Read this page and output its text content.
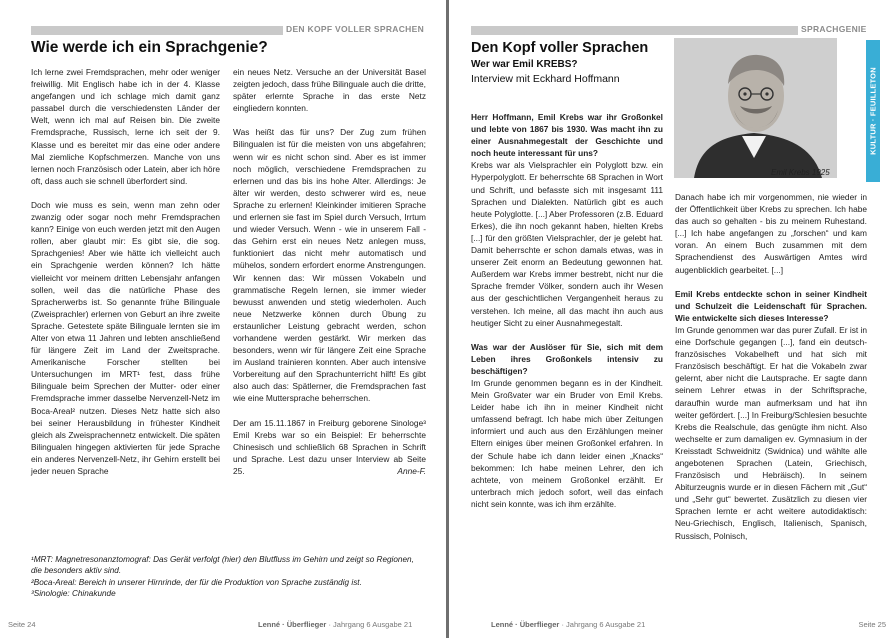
DEN KOPF VOLLER SPRACHEN
Wie werde ich ein Sprachgenie?

Ich lerne zwei Fremdsprachen, mehr oder weniger freiwillig. Mit Englisch habe ich in der 4. Klasse angefangen und ich schlage mich damit ganz passabel durch die verschiedensten Länder der Welt, wenn ich mal auf Reisen bin. Die zweite Fremdsprache, Russisch, lerne ich seit der 9. Klasse und es bereitet mir das eine oder andere Mal ziemliche Kopfschmerzen. Manche von uns lernen noch Französisch oder Latein, aber ich höre oft, dass auch sie schnell überfordert sind.

Doch wie muss es sein, wenn man zehn oder zwanzig oder sogar noch mehr Fremdsprachen kann? Einige von euch werden jetzt mit den Augen rollen, aber glaubt mir: Es gibt sie, die sog. Sprachgenies! Aber wie hätte ich vielleicht auch ein Sprachgenie werden können? Ich hätte vielleicht vor meinem dritten Lebensjahr anfangen sollen, weil das die natürliche Phase des Spracherwerbs ist. So genannte frühe Bilinguale (Zweisprachler) erlernen von Geburt an ihre zweite Sprache. Getestete späte Bilinguale lernten sie im Alter von etwa 11 Jahren und lebten anschließend für längere Zeit im Land der Zweitsprache. Amerikanische Forscher stellten bei Untersuchungen im MRT¹ fest, dass frühe Bilinguale beim Sprechen der Mutter- oder einer Fremdsprache immer dasselbe Nervenzell-Netz im Boca-Areal² nutzen. Dieses Netz hatte sich also bei seiner Herausbildung in frühester Kindheit gleich als Zweisprachennetz entwickelt. Die späten Bilingualen hingegen aktivierten für jede Sprache ein anderes Nervenzell-Netz, ihr Gehirn erstellt bei jeder neuen Sprache

ein neues Netz. Versuche an der Universität Basel zeigten jedoch, dass frühe Bilinguale auch die dritte, später erlernte Sprache in das erste Netz eingliedern konnten.

Was heißt das für uns? Der Zug zum frühen Bilingualen ist für die meisten von uns abgefahren; wenn wir es nicht schon sind. Aber es ist immer noch möglich, verschiedene Fremdsprachen zu erlernen und das bis ins hohe Alter. Allerdings: Je älter wir werden, desto schwerer wird es, neue Sprache zu erlernen! Kleinkinder imitieren Sprache und erlernen sie fast im Spiel durch Versuch, Irrtum und wieder Versuch. Wenn - wie in unserem Fall - das Gehirn erst ein neues Netz anlegen muss, funktioniert das nicht mehr automatisch und mühelos, sondern erfordert enorme Anstrengungen. Wir kennen das: Wir müssen Vokabeln und grammatische Regeln lernen, sie immer wieder bewusst anwenden und stetig wiederholen. Auch neue Netzwerke können durch Übung zu erstaunlicher Leistung gebracht werden, schon vorhandene werden gestärkt. Wir merken das besonders, wenn wir für längere Zeit eine Sprache im Ausland trainieren konnten. Aber auch intensive Vorbereitung auf den Sprachunterricht hilft! Es gibt also auch das: Spätlerner, die Fremdsprachen fast wie eine Muttersprache beherrschen.

Der am 15.11.1867 in Freiburg geborene Sinologe³ Emil Krebs war so ein Beispiel: Er beherrschte Chinesisch und schließlich 68 Sprachen in Schrift und Sprache. Lest dazu unser Interview ab Seite 25.	Anne-F.
¹MRT: Magnetresonanztomograf: Das Gerät verfolgt (hier) den Blutfluss im Gehirn und zeigt so Regionen, die besonders aktiv sind.
²Boca-Areal: Bereich in unserer Hirnrinde, der für die Produktion von Sprache zuständig ist.
³Sinologie: Chinakunde
Seite 24	Lenné · Überflieger · Jahrgang 6 Ausgabe 21
SPRACHGENIE
KULTUR · FEUILLETON
Den Kopf voller Sprachen
Wer war Emil KREBS?
Interview mit Eckhard Hoffmann
Emil Krebs 1925

Herr Hoffmann, Emil Krebs war ihr Großonkel und lebte von 1867 bis 1930. Was macht ihn zu einer Ausnahmegestalt der Geschichte und noch heute interessant für uns?

Krebs war als Vielsprachler ein Polyglott bzw. ein Hyperpolyglott. Er beherrschte 68 Sprachen in Wort und Schrift, und befasste sich mit insgesamt 111 Sprachen und Dialekten. Natürlich gibt es auch heute Polyglotte. [...] Aber Professoren (z.B. Eduard Erkes), die ihn noch gekannt haben, hielten Krebs [...] für den größten Vielsprachler, der je gelebt hat. Damit beherrschte er schon damals etwas, was in unserer Zeit enorm an Bedeutung gewonnen hat. Außerdem war Krebs immer bestrebt, nicht nur die Sprache fremder Völker, sondern auch ihr Wesen aus der geschichtlichen Vergangenheit heraus zu verstehen. Ich meine, all das macht ihn auch aus heutiger Sicht zu einer Ausnahmegestalt.

Was war der Auslöser für Sie, sich mit dem Leben ihres Großonkels intensiv zu beschäftigen?

Im Grunde genommen begann es in der Kindheit. Mein Großvater war ein Bruder von Emil Krebs. Leider habe ich ihn in meiner Kindheit nicht umfassend befragt. Ich habe mich über Zeitungen informiert und auch aus den Erzählungen meiner Eltern einiges über meinen Großonkel erfahren. In der Schule habe ich dann leider einen „Knacks“ bekommen: Ich habe meinen Lehrer, den ich achtete, von meinem Großonkel erzählt. Er unterbrach mich jedoch sofort, weil das einfach nicht sein konnte, was ich ihm erzählte.

Danach habe ich mir vorgenommen, nie wieder in der Öffentlichkeit über Krebs zu sprechen. Ich habe das auch so gehalten - bis zu meinem Ruhestand. [...] Ich habe angefangen zu „forschen“ und kam voran. An einem Buch zusammen mit dem Sprachendienst des Auswärtigen Amtes wird augenblicklich gearbeitet. [...]

Emil Krebs entdeckte schon in seiner Kindheit und Schulzeit die Leidenschaft für Sprachen. Wie entwickelte sich dieses Interesse?

Im Grunde genommen war das purer Zufall. Er ist in eine Dorfschule gegangen [...], fand ein deutsch-französisches Vokabelheft und hat sich mit Französisch beschäftigt. Er hat die Vokabeln zwar gelernt, aber nicht die Lautsprache. Er sagte dann seinem Lehrer etwas in der Schriftsprache, daraufhin wurde man aufmerksam und hat ihn weiter gefördert. [...] In Freiburg/Schlesien besuchte Krebs die Realschule, das genügte ihm nicht. Also wechselte er zum damaligen ev. Gymnasium in der Kreisstadt Schweidnitz (Swidnica) und wählte alle angebotenen Sprachen (Latein, Griechisch, Französisch und Hebräisch). In seinem Abiturzeugnis wurde er in diesen Fächern mit „Gut“ und „Sehr gut“ bewertet. Zusätzlich zu diesen vier Sprachen lernte er acht weitere autodidaktisch: Neu-Griechisch, Englisch, Italienisch, Spanisch, Russisch, Polnisch,

Lenné · Überflieger · Jahrgang 6 Ausgabe 21	Seite 25
